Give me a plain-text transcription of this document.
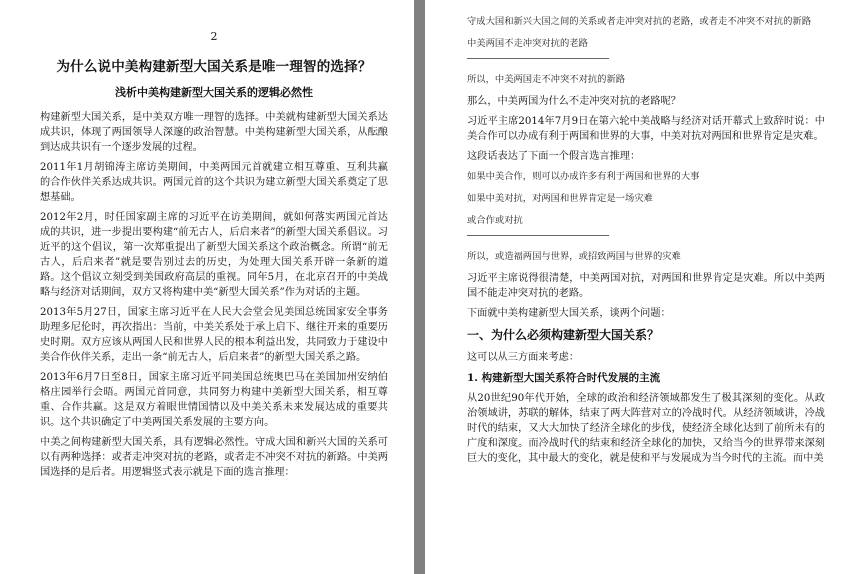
2
为什么说中美构建新型大国关系是唯一理智的选择？
浅析中美构建新型大国关系的逻辑必然性

构建新型大国关系，是中美双方唯一理智的选择。中美就构建新型大国关系达成共识，体现了两国领导人深邃的政治智慧。中美构建新型大国关系，从酝酿到达成共识有一个逐步发展的过程。

2011年1月胡锦涛主席访美期间，中美两国元首就建立相互尊重、互利共赢的合作伙伴关系达成共识。两国元首的这个共识为建立新型大国关系奠定了思想基础。

2012年2月，时任国家副主席的习近平在访美期间，就如何落实两国元首达成的共识，进一步提出要构建“前无古人，后启来者”的新型大国关系倡议。习近平的这个倡议，第一次郑重提出了新型大国关系这个政治概念。所谓“前无古人，后启来者”就是要告别过去的历史，为处理大国关系开辟一条新的道路。这个倡议立刻受到美国政府高层的重视。同年5月，在北京召开的中美战略与经济对话期间，双方又将构建中美“新型大国关系”作为对话的主题。

2013年5月27日，国家主席习近平在人民大会堂会见美国总统国家安全事务助理多尼伦时，再次指出：当前，中美关系处于承上启下、继往开来的重要历史时期。双方应该从两国人民和世界人民的根本利益出发，共同致力于建设中美合作伙伴关系，走出一条“前无古人，后启来者”的新型大国关系之路。

2013年6月7日至8日，国家主席习近平同美国总统奥巴马在美国加州安纳伯格庄园举行会晤。两国元首同意，共同努力构建中美新型大国关系，相互尊重、合作共赢。这是双方着眼世情国情以及中美关系未来发展达成的重要共识。这个共识确定了中美两国关系发展的主要方向。

中美之间构建新型大国关系，具有逻辑必然性。守成大国和新兴大国的关系可以有两种选择：或者走冲突对抗的老路，或者走不冲突不对抗的新路。中美两国选择的是后者。用逻辑竖式表示就是下面的选言推理：

守成大国和新兴大国之间的关系或者走冲突对抗的老路，或者走不冲突不对抗的新路

中美两国不走冲突对抗的老路

所以，中美两国走不冲突不对抗的新路

那么，中美两国为什么不走冲突对抗的老路呢？

习近平主席2014年7月9日在第六轮中美战略与经济对话开幕式上致辞时说：中美合作可以办成有利于两国和世界的大事，中美对抗对两国和世界肯定是灾难。

这段话表达了下面一个假言选言推理：

如果中美合作，则可以办成许多有利于两国和世界的大事

如果中美对抗，对两国和世界肯定是一场灾难

或合作或对抗

所以，或造福两国与世界，或招致两国与世界的灾难

习近平主席说得很清楚，中美两国对抗，对两国和世界肯定是灾难。所以中美两国不能走冲突对抗的老路。

下面就中美构建新型大国关系，谈两个问题：

一、为什么必须构建新型大国关系？

这可以从三方面来考虑：

1. 构建新型大国关系符合时代发展的主流

从20世纪90年代开始，全球的政治和经济领域都发生了极其深刻的变化。从政治领域讲，苏联的解体，结束了两大阵营对立的冷战时代。从经济领域讲，冷战时代的结束，又大大加快了经济全球化的步伐，使经济全球化达到了前所未有的广度和深度。而冷战时代的结束和经济全球化的加快，又给当今的世界带来深刻巨大的变化，其中最大的变化，就是使和平与发展成为当今时代的主流。而中美
